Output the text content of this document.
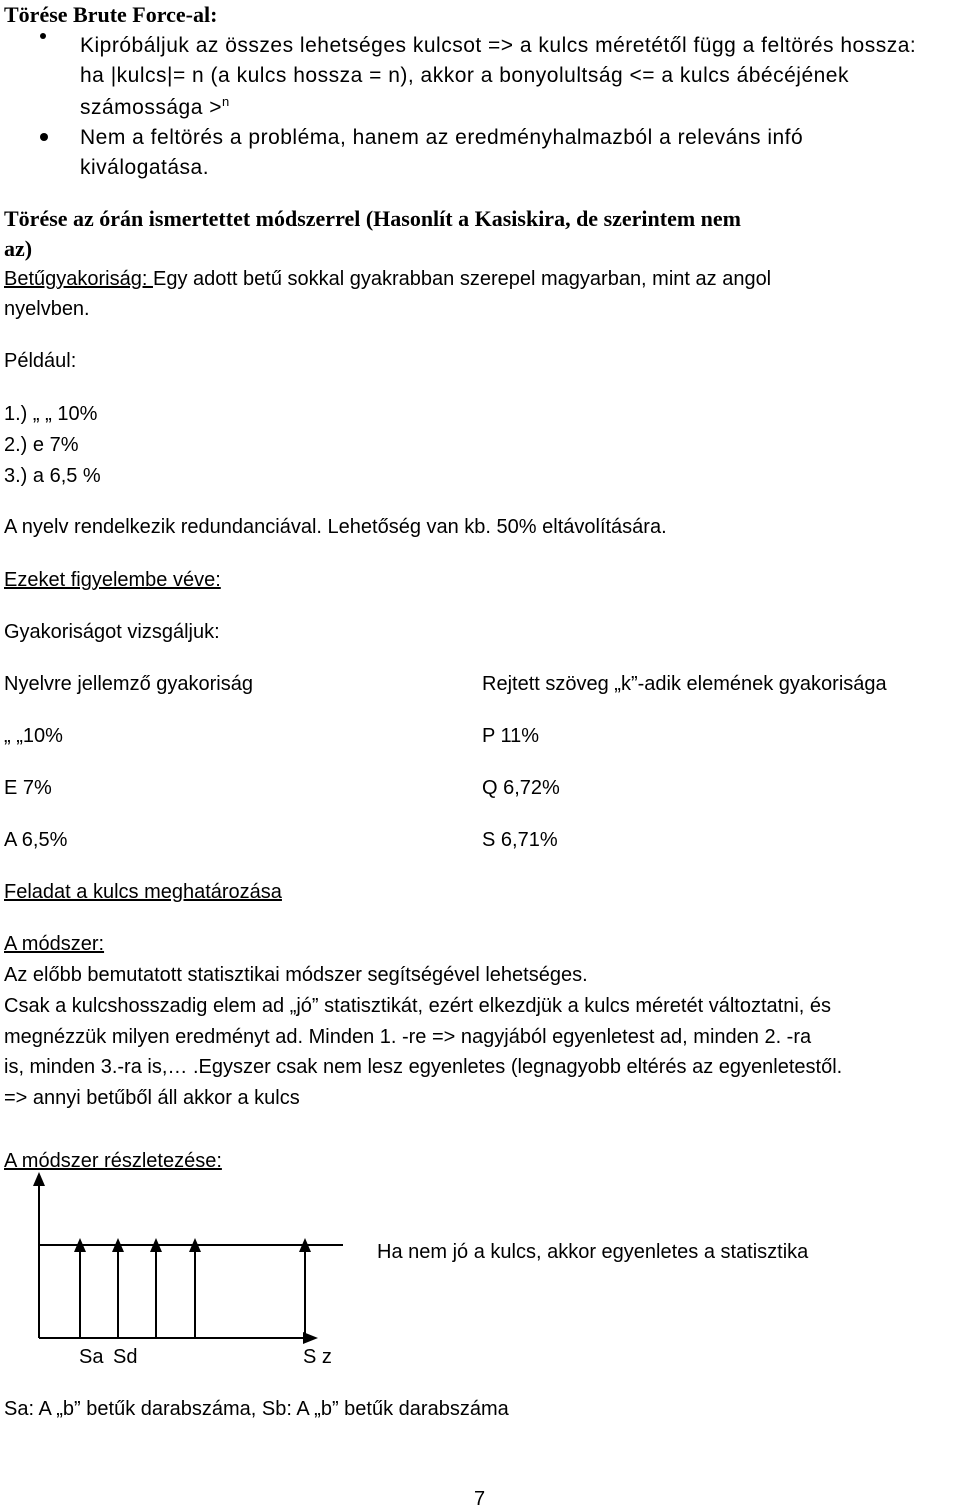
Törése Brute Force-al:
Kipróbáljuk az összes lehetséges kulcsot => a kulcs méretétől függ a feltörés hossza:
ha |kulcs|= n (a kulcs hossza = n), akkor a bonyolultság <= a kulcs ábécéjének
számossága >$^n$
Nem a feltörés a probléma, hanem az eredményhalmazból a releváns infó
kiválogatása.
Törése az órán ismertettet módszerrel (Hasonlít a Kasiskira, de szerintem nem
az)
Betűgyakoriság: Egy adott betű sokkal gyakrabban szerepel magyarban, mint az angol
nyelvben.
Például:
1.) „ „ 10%
2.) e 7%
3.) a 6,5 %
A nyelv rendelkezik redundanciával. Lehetőség van kb. 50% eltávolítására.
Ezeket figyelembe véve:
Gyakoriságot vizsgáljuk:
Nyelvre jellemző gyakoriság	Rejtett szöveg „k”-adik elemének gyakorisága
„ „10%	P 11%
E 7%	Q 6,72%
A 6,5%	S 6,71%
Feladat a kulcs meghatározása
A módszer:
Az előbb bemutatott statisztikai módszer segítségével lehetséges.
Csak a kulcshosszadig elem ad „jó” statisztikát, ezért elkezdjük a kulcs méretét változtatni, és
megnézzük milyen eredményt ad. Minden 1. -re => nagyjából egyenletest ad, minden 2. -ra
is, minden 3.-ra is,… .Egyszer csak nem lesz egyenletes (legnagyobb eltérés az egyenletestől.
=> annyi betűből áll akkor a kulcs
A módszer részletezése:
Ha nem jó a kulcs, akkor egyenletes a statisztika
Sa Sd	S z
Sa: A „b” betűk darabszáma, Sb: A „b” betűk darabszáma
7
